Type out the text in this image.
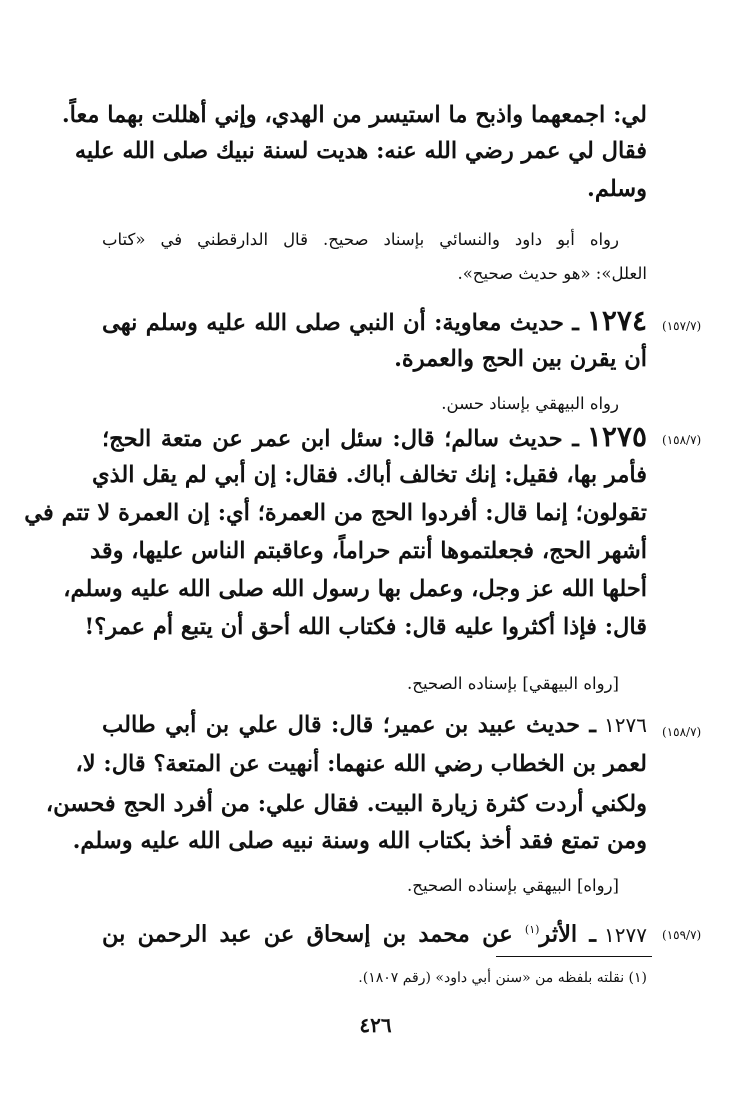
لي: اجمعهما واذبح ما استيسر من الهدي، وإني أهللت بهما معاً.
فقال لي عمر رضي الله عنه: هديت لسنة نبيك صلى الله عليه
وسلم.
رواه أبو داود والنسائي بإسناد صحيح. قال الدارقطني في «كتاب
العلل»: «هو حديث صحيح».
(١٥٧/٧)
١٢٧٤ـ حديث معاوية: أن النبي صلى الله عليه وسلم نهى
أن يقرن بين الحج والعمرة.
رواه البيهقي بإسناد حسن.
(١٥٨/٧)
١٢٧٥ـ حديث سالم؛ قال: سئل ابن عمر عن متعة الحج؛
فأمر بها، فقيل: إنك تخالف أباك. فقال: إن أبي لم يقل الذي
تقولون؛ إنما قال: أفردوا الحج من العمرة؛ أي: إن العمرة لا تتم في
أشهر الحج، فجعلتموها أنتم حراماً، وعاقبتم الناس عليها، وقد
أحلها الله عز وجل، وعمل بها رسول الله صلى الله عليه وسلم،
قال: فإذا أكثروا عليه قال: فكتاب الله أحق أن يتبع أم عمر؟!
[رواه البيهقي] بإسناده الصحيح.
(١٥٨/٧)
١٢٧٦ـ حديث عبيد بن عمير؛ قال: قال علي بن أبي طالب
لعمر بن الخطاب رضي الله عنهما: أنهيت عن المتعة؟ قال: لا،
ولكني أردت كثرة زيارة البيت. فقال علي: من أفرد الحج فحسن،
ومن تمتع فقد أخذ بكتاب الله وسنة نبيه صلى الله عليه وسلم.
[رواه] البيهقي بإسناده الصحيح.
(١٥٩/٧)
١٢٧٧ـ الأثر$^{(١)}$ عن محمد بن إسحاق عن عبد الرحمن بن
(١) نقلته بلفظه من «سنن أبي داود» (رقم ١٨٠٧).
٤٢٦
